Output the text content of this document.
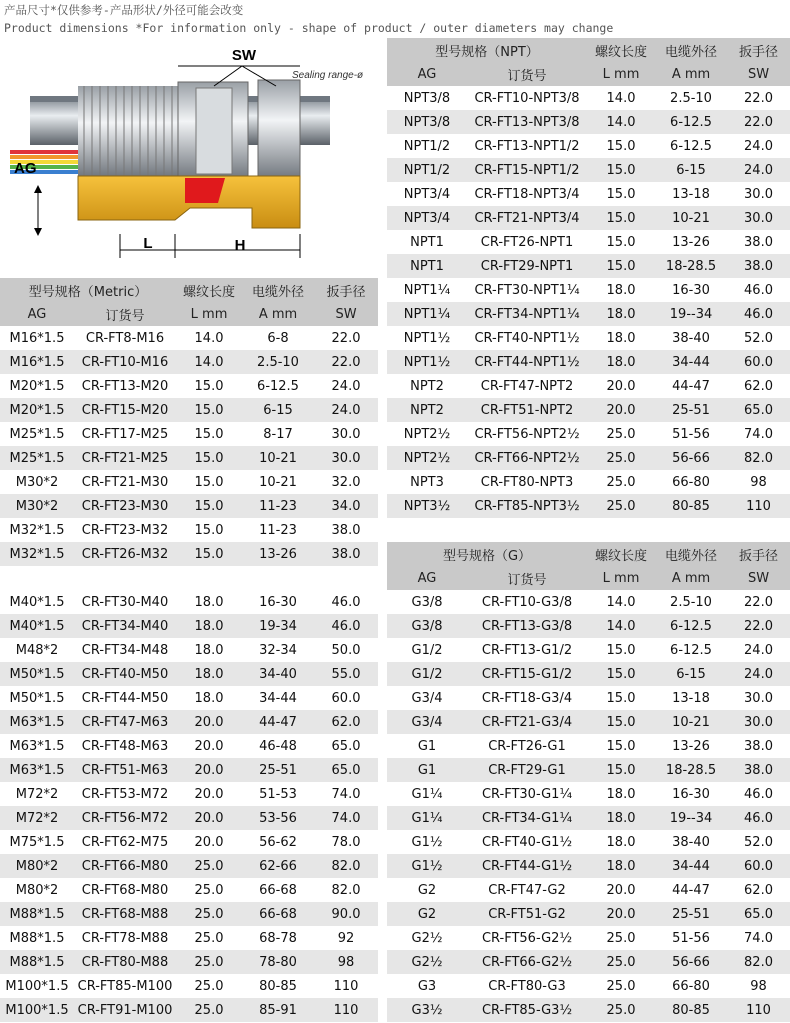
产品尺寸*仅供参考-产品形状/外径可能会改变
Product dimensions *For information only - shape of product / outer diameters may change
SW
Sealing range-ø
AG
L	H
型号规格（Metric）		螺纹长度	电缆外径	扳手径
AG	订货号	L mm	A mm	SW
M16*1.5	CR-FT8-M16	14.0	6-8	22.0
M16*1.5	CR-FT10-M16	14.0	2.5-10	22.0
M20*1.5	CR-FT13-M20	15.0	6-12.5	24.0
M20*1.5	CR-FT15-M20	15.0	6-15	24.0
M25*1.5	CR-FT17-M25	15.0	8-17	30.0
M25*1.5	CR-FT21-M25	15.0	10-21	30.0
M30*2	CR-FT21-M30	15.0	10-21	32.0
M30*2	CR-FT23-M30	15.0	11-23	34.0
M32*1.5	CR-FT23-M32	15.0	11-23	38.0
M32*1.5	CR-FT26-M32	15.0	13-26	38.0

M40*1.5	CR-FT30-M40	18.0	16-30	46.0
M40*1.5	CR-FT34-M40	18.0	19-34	46.0
M48*2	CR-FT34-M48	18.0	32-34	50.0
M50*1.5	CR-FT40-M50	18.0	34-40	55.0
M50*1.5	CR-FT44-M50	18.0	34-44	60.0
M63*1.5	CR-FT47-M63	20.0	44-47	62.0
M63*1.5	CR-FT48-M63	20.0	46-48	65.0
M63*1.5	CR-FT51-M63	20.0	25-51	65.0
M72*2	CR-FT53-M72	20.0	51-53	74.0
M72*2	CR-FT56-M72	20.0	53-56	74.0
M75*1.5	CR-FT62-M75	20.0	56-62	78.0
M80*2	CR-FT66-M80	25.0	62-66	82.0
M80*2	CR-FT68-M80	25.0	66-68	82.0
M88*1.5	CR-FT68-M88	25.0	66-68	90.0
M88*1.5	CR-FT78-M88	25.0	68-78	92
M88*1.5	CR-FT80-M88	25.0	78-80	98
M100*1.5	CR-FT85-M100	25.0	80-85	110
M100*1.5	CR-FT91-M100	25.0	85-91	110
型号规格（NPT）		螺纹长度	电缆外径	扳手径
AG	订货号	L mm	A mm	SW
NPT3/8	CR-FT10-NPT3/8	14.0	2.5-10	22.0
NPT3/8	CR-FT13-NPT3/8	14.0	6-12.5	22.0
NPT1/2	CR-FT13-NPT1/2	15.0	6-12.5	24.0
NPT1/2	CR-FT15-NPT1/2	15.0	6-15	24.0
NPT3/4	CR-FT18-NPT3/4	15.0	13-18	30.0
NPT3/4	CR-FT21-NPT3/4	15.0	10-21	30.0
NPT1	CR-FT26-NPT1	15.0	13-26	38.0
NPT1	CR-FT29-NPT1	15.0	18-28.5	38.0
NPT1¼	CR-FT30-NPT1¼	18.0	16-30	46.0
NPT1¼	CR-FT34-NPT1¼	18.0	19--34	46.0
NPT1½	CR-FT40-NPT1½	18.0	38-40	52.0
NPT1½	CR-FT44-NPT1½	18.0	34-44	60.0
NPT2	CR-FT47-NPT2	20.0	44-47	62.0
NPT2	CR-FT51-NPT2	20.0	25-51	65.0
NPT2½	CR-FT56-NPT2½	25.0	51-56	74.0
NPT2½	CR-FT66-NPT2½	25.0	56-66	82.0
NPT3	CR-FT80-NPT3	25.0	66-80	98
NPT3½	CR-FT85-NPT3½	25.0	80-85	110
型号规格（G）		螺纹长度	电缆外径	扳手径
AG	订货号	L mm	A mm	SW
G3/8	CR-FT10-G3/8	14.0	2.5-10	22.0
G3/8	CR-FT13-G3/8	14.0	6-12.5	22.0
G1/2	CR-FT13-G1/2	15.0	6-12.5	24.0
G1/2	CR-FT15-G1/2	15.0	6-15	24.0
G3/4	CR-FT18-G3/4	15.0	13-18	30.0
G3/4	CR-FT21-G3/4	15.0	10-21	30.0
G1	CR-FT26-G1	15.0	13-26	38.0
G1	CR-FT29-G1	15.0	18-28.5	38.0
G1¼	CR-FT30-G1¼	18.0	16-30	46.0
G1¼	CR-FT34-G1¼	18.0	19--34	46.0
G1½	CR-FT40-G1½	18.0	38-40	52.0
G1½	CR-FT44-G1½	18.0	34-44	60.0
G2	CR-FT47-G2	20.0	44-47	62.0
G2	CR-FT51-G2	20.0	25-51	65.0
G2½	CR-FT56-G2½	25.0	51-56	74.0
G2½	CR-FT66-G2½	25.0	56-66	82.0
G3	CR-FT80-G3	25.0	66-80	98
G3½	CR-FT85-G3½	25.0	80-85	110
